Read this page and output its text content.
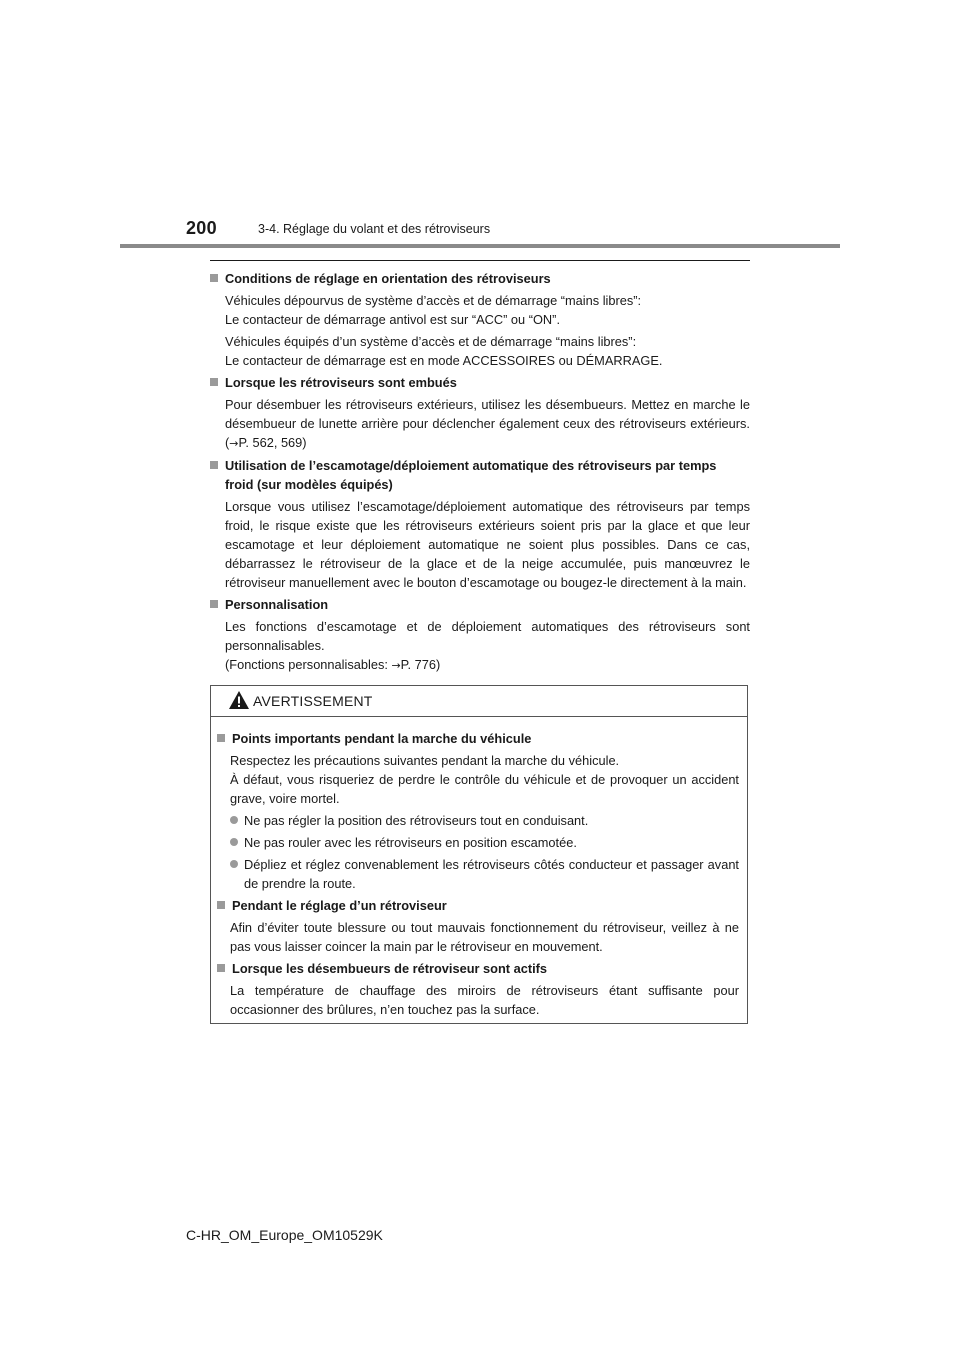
200	3-4. Réglage du volant et des rétroviseurs
Conditions de réglage en orientation des rétroviseurs

Véhicules dépourvus de système d’accès et de démarrage “mains libres”:
Le contacteur de démarrage antivol est sur “ACC” ou “ON”.

Véhicules équipés d’un système d’accès et de démarrage “mains libres”:
Le contacteur de démarrage est en mode ACCESSOIRES ou DÉMARRAGE.

Lorsque les rétroviseurs sont embués

Pour désembuer les rétroviseurs extérieurs, utilisez les désembueurs. Mettez en marche le désembueur de lunette arrière pour déclencher également ceux des rétroviseurs extérieurs. (→P. 562, 569)

Utilisation de l’escamotage/déploiement automatique des rétroviseurs par temps
froid (sur modèles équipés)

Lorsque vous utilisez l’escamotage/déploiement automatique des rétroviseurs par temps froid, le risque existe que les rétroviseurs extérieurs soient pris par la glace et que leur escamotage et leur déploiement automatique ne soient plus possibles. Dans ce cas, débarrassez le rétroviseur de la glace et de la neige accumulée, puis manœuvrez le rétroviseur manuellement avec le bouton d’escamotage ou bougez-le directement à la main.

Personnalisation

Les fonctions d’escamotage et de déploiement automatiques des rétroviseurs sont personnalisables.
(Fonctions personnalisables: →P. 776)

AVERTISSEMENT
Points importants pendant la marche du véhicule

Respectez les précautions suivantes pendant la marche du véhicule.
À défaut, vous risqueriez de perdre le contrôle du véhicule et de provoquer un accident grave, voire mortel.

Ne pas régler la position des rétroviseurs tout en conduisant.
Ne pas rouler avec les rétroviseurs en position escamotée.
Dépliez et réglez convenablement les rétroviseurs côtés conducteur et passager avant de prendre la route.
Pendant le réglage d’un rétroviseur

Afin d’éviter toute blessure ou tout mauvais fonctionnement du rétroviseur, veillez à ne pas vous laisser coincer la main par le rétroviseur en mouvement.

Lorsque les désembueurs de rétroviseur sont actifs

La température de chauffage des miroirs de rétroviseurs étant suffisante pour occasionner des brûlures, n’en touchez pas la surface.

C-HR_OM_Europe_OM10529K
